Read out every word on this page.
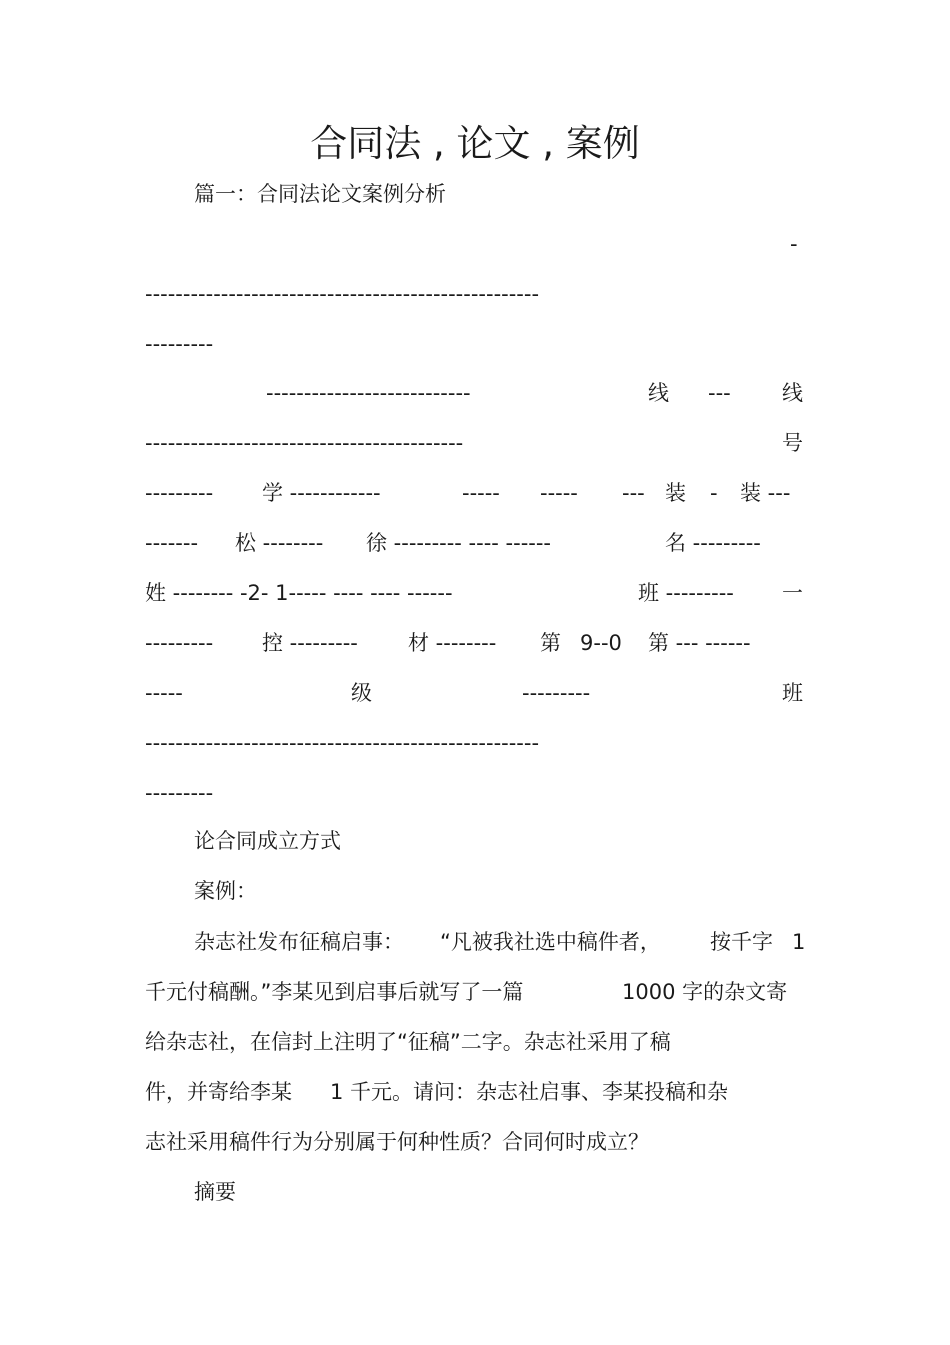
合同法 , 论文 , 案例
篇一：合同法论文案例分析
-
----------------------------------------------------
---------
---------------------------	线 --- 线
------------------------------------------	号
--------- 学 ------------	----- ----- --- 装 - 装 ---
------- 松 -------- 徐 --------- ---- ------	名 ---------
姓 -------- -2- 1----- ---- ---- ------	班 --------- 一
--------- 控 --------- 材 -------- 第 9--0 第 --- ------
-----	级	---------	班
----------------------------------------------------
---------
论合同成立方式
案例：
杂志社发布征稿启事： “凡被我社选中稿件者， 按千字 1
千元付稿酬。”李某见到启事后就写了一篇	1000 字的杂文寄
给杂志社，在信封上注明了“征稿”二字。杂志社采用了稿
件，并寄给李某 1 千元。请问：杂志社启事、李某投稿和杂
志社采用稿件行为分别属于何种性质？合同何时成立？
摘要
